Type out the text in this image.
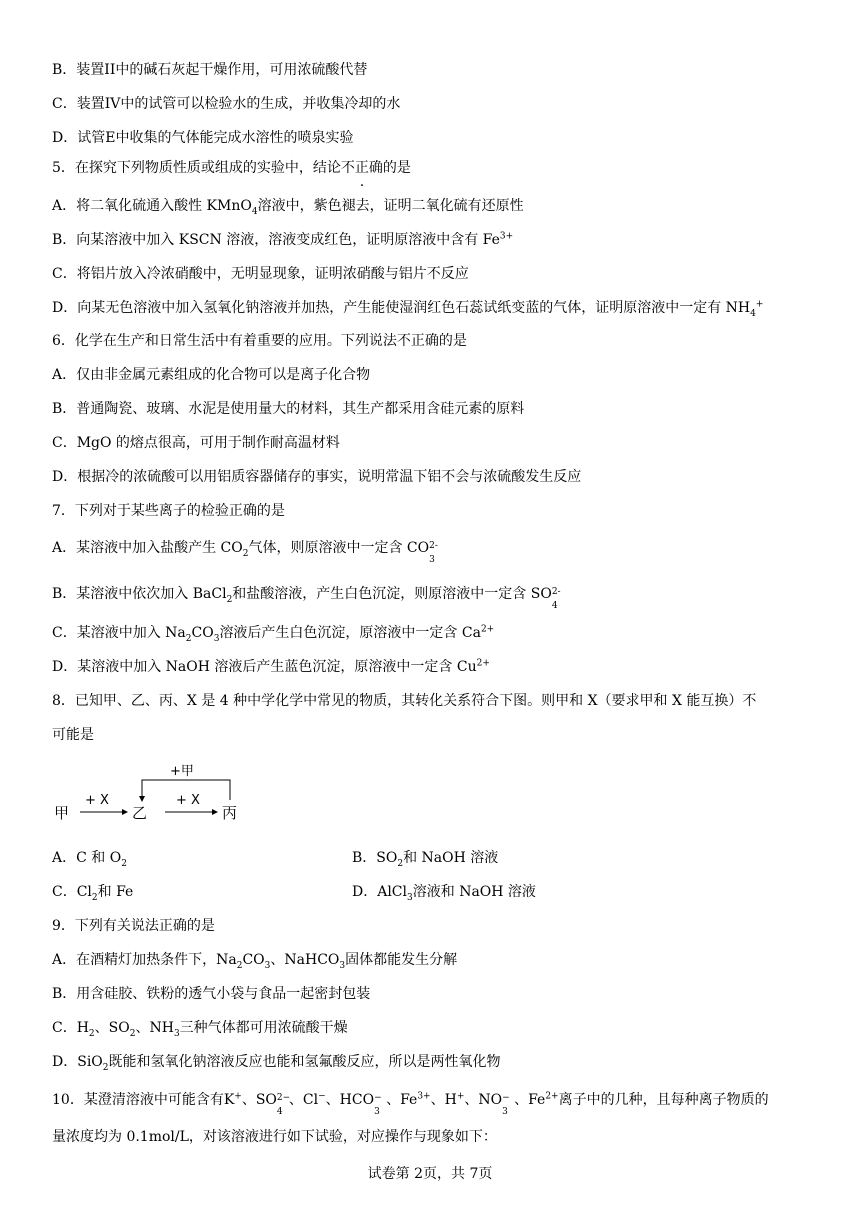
B．装置II中的碱石灰起干燥作用，可用浓硫酸代替
C．装置IV中的试管可以检验水的生成，并收集冷却的水
D．试管E中收集的气体能完成水溶性的喷泉实验
5．在探究下列物质性质或组成的实验中，结论不正确的是
A．将二氧化硫通入酸性 KMnO$_4$溶液中，紫色褪去，证明二氧化硫有还原性
B．向某溶液中加入 KSCN 溶液，溶液变成红色，证明原溶液中含有 $Fe^{3+}$
C．将铝片放入冷浓硝酸中，无明显现象，证明浓硝酸与铝片不反应
D．向某无色溶液中加入氢氧化钠溶液并加热，产生能使湿润红色石蕊试纸变蓝的气体，证明原溶液中一定有 $NH_4^+$
6．化学在生产和日常生活中有着重要的应用。下列说法不正确的是
A．仅由非金属元素组成的化合物可以是离子化合物
B．普通陶瓷、玻璃、水泥是使用量大的材料，其生产都采用含硅元素的原料
C．MgO 的熔点很高，可用于制作耐高温材料
D．根据冷的浓硫酸可以用铝质容器储存的事实，说明常温下铝不会与浓硫酸发生反应
7．下列对于某些离子的检验正确的是
A．某溶液中加入盐酸产生 $CO_2$气体，则原溶液中一定含 CO 2-
3
B．某溶液中依次加入 BaCl$_2$和盐酸溶液，产生白色沉淀，则原溶液中一定含 SO 2-
4
C．某溶液中加入 $Na_2CO_3$溶液后产生白色沉淀，原溶液中一定含 $Ca^{2+}$
D．某溶液中加入 NaOH 溶液后产生蓝色沉淀，原溶液中一定含 $Cu^{2+}$
8．已知甲、乙、丙、X 是 4 种中学化学中常见的物质，其转化关系符合下图。则甲和 X（要求甲和 X 能互换）不
可能是
甲
+ X
乙
+ X
丙
+甲
A．C 和 $O_2$	B．$SO_2$和 NaOH 溶液
C．$Cl_2$和 Fe	D．AlCl$_3$溶液和 NaOH 溶液
9．下列有关说法正确的是
A．在酒精灯加热条件下，$Na_2CO_3$、NaHCO$_3$固体都能发生分解
B．用含硅胶、铁粉的透气小袋与食品一起密封包装
C．$H_2$、$SO_2$、$NH_3$三种气体都可用浓硫酸干燥
D．SiO$_2$既能和氢氧化钠溶液反应也能和氢氟酸反应，所以是两性氧化物
10．某澄清溶液中可能含有K+、SO 2−
4
、Cl−、HCO −
3
、$Fe^{3+}$、H+、NO −
3
、$Fe^{2+}$离子中的几种，且每种离子物质的
量浓度均为 0.1mol/L，对该溶液进行如下试验，对应操作与现象如下：
试卷第 2页，共 7页
